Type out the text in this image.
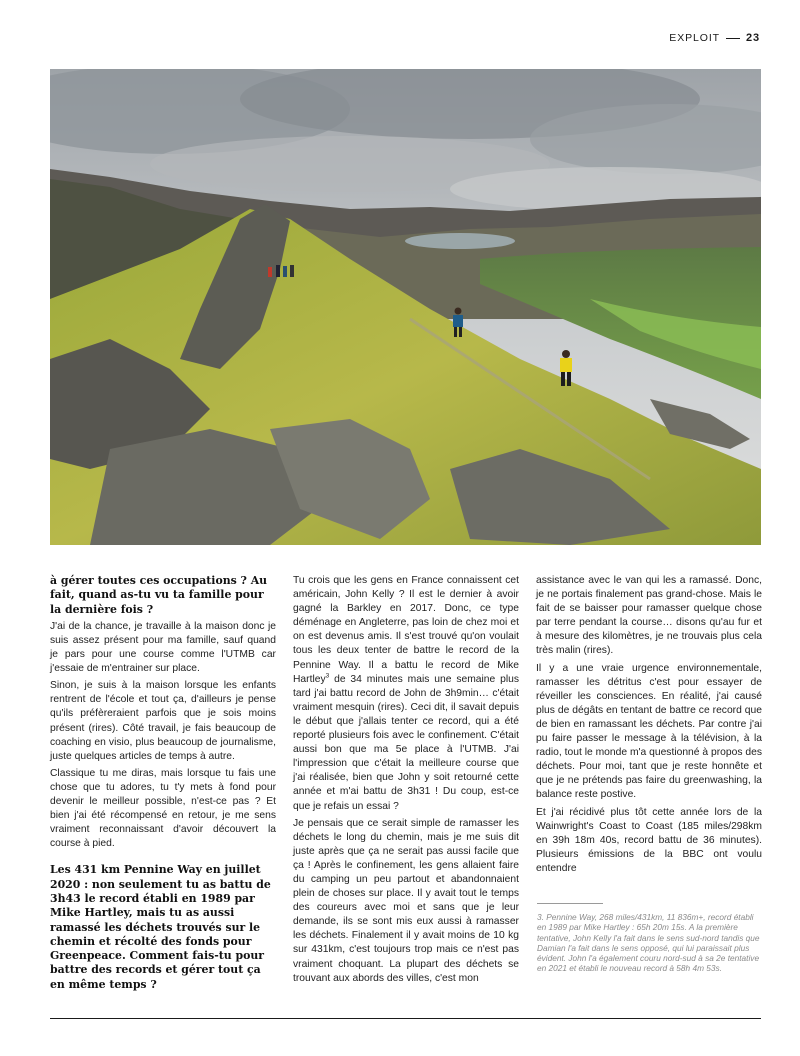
EXPLOIT 23

à gérer toutes ces occupations ? Au fait, quand as-tu vu ta famille pour la dernière fois ?

J'ai de la chance, je travaille à la maison donc je suis assez présent pour ma famille, sauf quand je pars pour une course comme l'UTMB car j'essaie de m'entrainer sur place.

Sinon, je suis à la maison lorsque les enfants rentrent de l'école et tout ça, d'ailleurs je pense qu'ils préfèreraient parfois que je sois moins présent (rires). Côté travail, je fais beaucoup de coaching en visio, plus beaucoup de journalisme, juste quelques articles de temps à autre.

Classique tu me diras, mais lorsque tu fais une chose que tu adores, tu t'y mets à fond pour devenir le meilleur possible, n'est-ce pas ? Et bien j'ai été récompensé en retour, je me sens vraiment reconnaissant d'avoir découvert la course à pied.

Les 431 km Pennine Way en juillet 2020 : non seulement tu as battu de 3h43 le record établi en 1989 par Mike Hartley, mais tu as aussi ramassé les déchets trouvés sur le chemin et récolté des fonds pour Greenpeace. Comment fais-tu pour battre des records et gérer tout ça en même temps ?

Tu crois que les gens en France connaissent cet américain, John Kelly ? Il est le dernier à avoir gagné la Barkley en 2017. Donc, ce type déménage en Angleterre, pas loin de chez moi et on est devenus amis. Il s'est trouvé qu'on voulait tous les deux tenter de battre le record de la Pennine Way. Il a battu le record de Mike Hartley$^3$ de 34 minutes mais une semaine plus tard j'ai battu record de John de 3h9min… c'était vraiment mesquin (rires). Ceci dit, il savait depuis le début que j'allais tenter ce record, qui a été reporté plusieurs fois avec le confinement. C'était aussi bon que ma 5e place à l'UTMB. J'ai l'impression que c'était la meilleure course que j'ai réalisée, bien que John y soit retourné cette année et m'ai battu de 3h31 ! Du coup, est-ce que je refais un essai ?

Je pensais que ce serait simple de ramasser les déchets le long du chemin, mais je me suis dit juste après que ça ne serait pas aussi facile que ça ! Après le confinement, les gens allaient faire du camping un peu partout et abandonnaient plein de choses sur place. Il y avait tout le temps des coureurs avec moi et sans que je leur demande, ils se sont mis eux aussi à ramasser les déchets. Finalement il y avait moins de 10 kg sur 431km, c'est toujours trop mais ce n'est pas vraiment choquant. La plupart des déchets se trouvant aux abords des villes, c'est mon

assistance avec le van qui les a ramassé. Donc, je ne portais finalement pas grand-chose. Mais le fait de se baisser pour ramasser quelque chose par terre pendant la course… disons qu'au fur et à mesure des kilomètres, je ne trouvais plus cela très malin (rires).

Il y a une vraie urgence environnementale, ramasser les détritus c'est pour essayer de réveiller les consciences. En réalité, j'ai causé plus de dégâts en tentant de battre ce record que de bien en ramassant les déchets. Par contre j'ai pu faire passer le message à la télévision, à la radio, tout le monde m'a questionné à propos des déchets. Pour moi, tant que je reste honnête et que je ne prétends pas faire du greenwashing, la balance reste postive.

Et j'ai récidivé plus tôt cette année lors de la Wainwright's Coast to Coast (185 miles/298km en 39h 18m 40s, record battu de 36 minutes). Plusieurs émissions de la BBC ont voulu entendre

3. Pennine Way, 268 miles/431km, 11 836m+, record établi en 1989 par Mike Hartley : 65h 20m 15s. A la première tentative, John Kelly l'a fait dans le sens sud-nord tandis que Damian l'a fait dans le sens opposé, qui lui paraissait plus évident. John l'a également couru nord-sud à sa 2e tentative en 2021 et établi le nouveau record à 58h 4m 53s.
